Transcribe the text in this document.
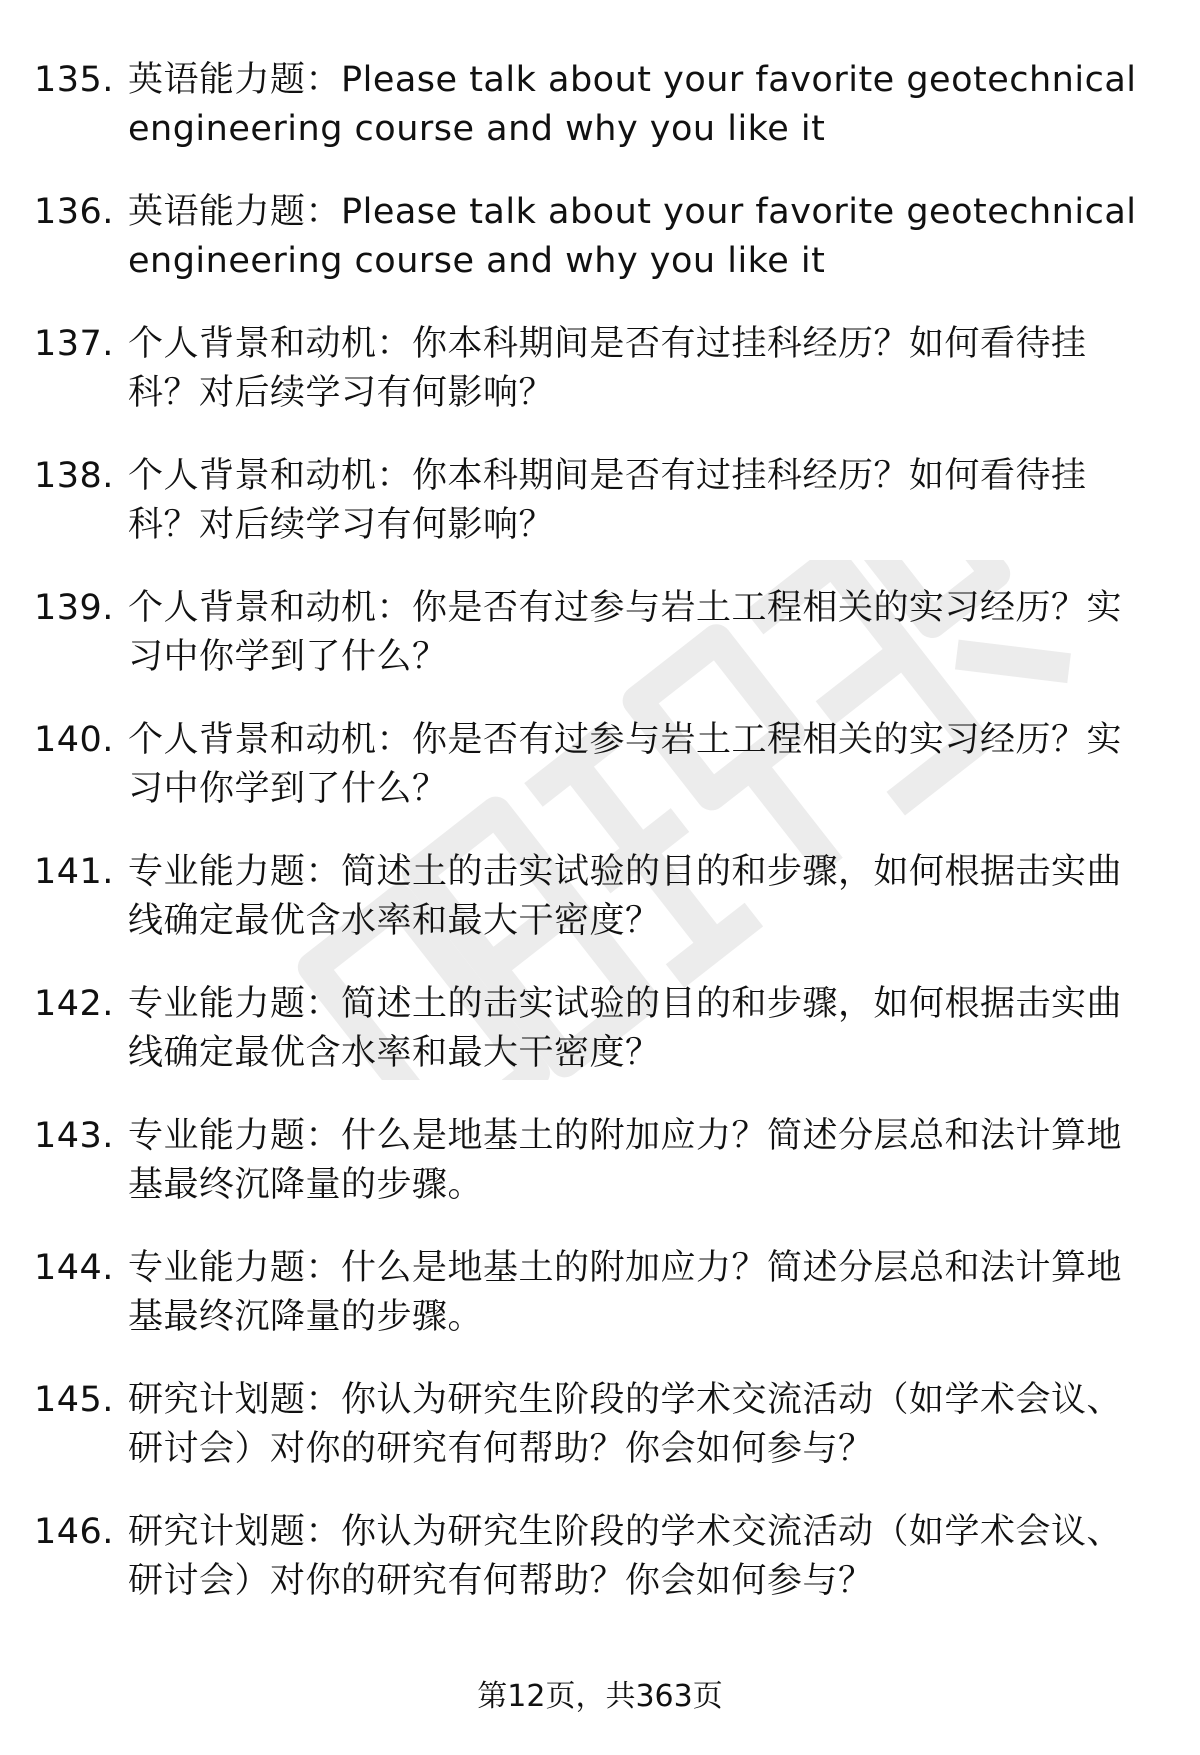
135. 英语能力题：Please talk about your favorite geotechnical engineering course and why you like it
136. 英语能力题：Please talk about your favorite geotechnical engineering course and why you like it
137. 个人背景和动机：你本科期间是否有过挂科经历？如何看待挂科？对后续学习有何影响？
138. 个人背景和动机：你本科期间是否有过挂科经历？如何看待挂科？对后续学习有何影响？
139. 个人背景和动机：你是否有过参与岩土工程相关的实习经历？实习中你学到了什么？
140. 个人背景和动机：你是否有过参与岩土工程相关的实习经历？实习中你学到了什么？
141. 专业能力题：简述土的击实试验的目的和步骤，如何根据击实曲线确定最优含水率和最大干密度？
142. 专业能力题：简述土的击实试验的目的和步骤，如何根据击实曲线确定最优含水率和最大干密度？
143. 专业能力题：什么是地基土的附加应力？简述分层总和法计算地基最终沉降量的步骤。
144. 专业能力题：什么是地基土的附加应力？简述分层总和法计算地基最终沉降量的步骤。
145. 研究计划题：你认为研究生阶段的学术交流活动（如学术会议、研讨会）对你的研究有何帮助？你会如何参与？
146. 研究计划题：你认为研究生阶段的学术交流活动（如学术会议、研讨会）对你的研究有何帮助？你会如何参与？
第12页，共363页
